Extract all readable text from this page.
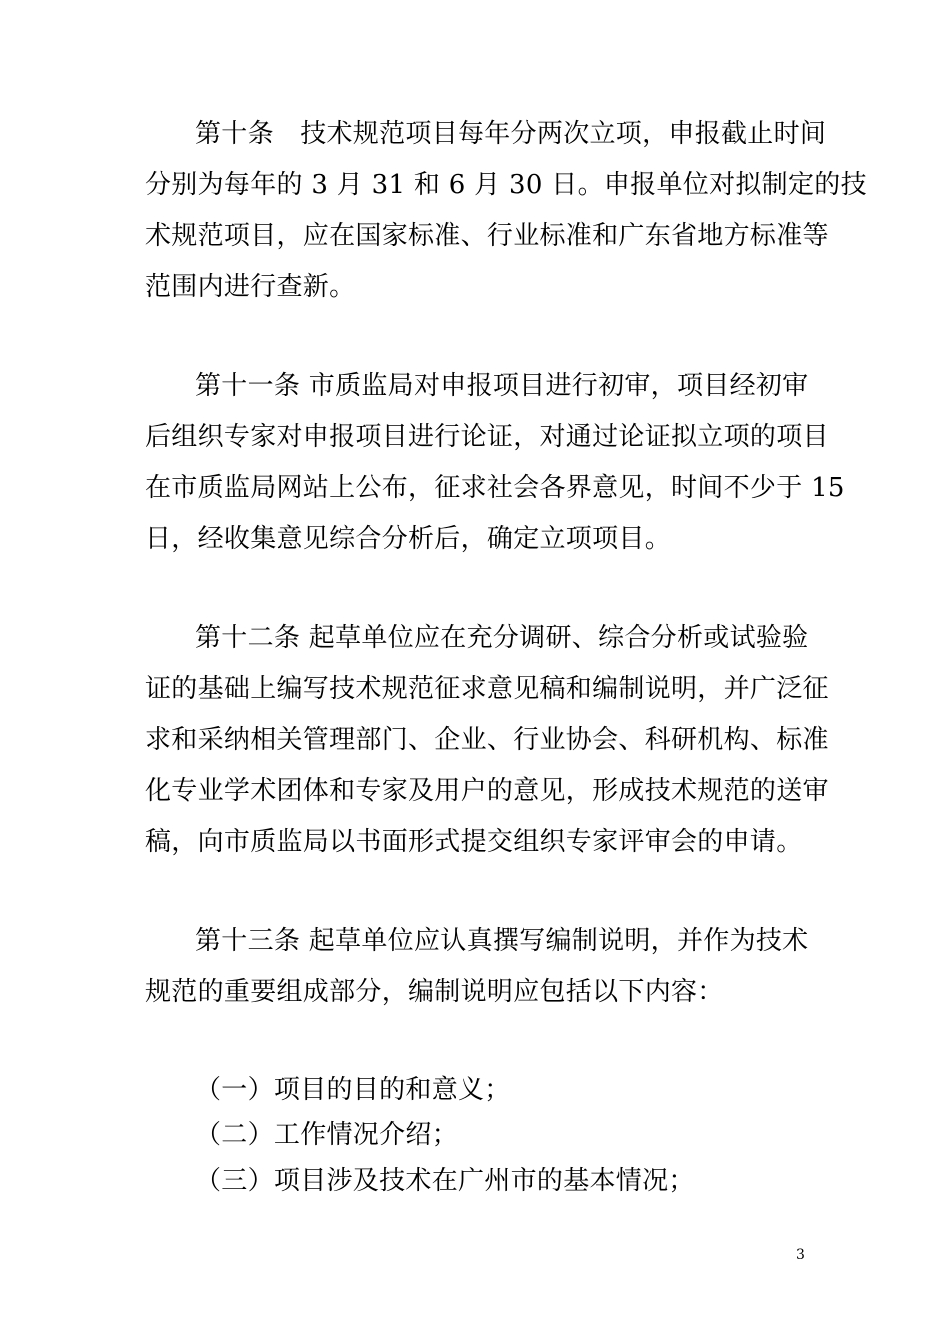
第十条　技术规范项目每年分两次立项，申报截止时间
分别为每年的 3 月 31 和 6 月 30 日。申报单位对拟制定的技
术规范项目，应在国家标准、行业标准和广东省地方标准等
范围内进行查新。
第十一条 市质监局对申报项目进行初审，项目经初审
后组织专家对申报项目进行论证，对通过论证拟立项的项目
在市质监局网站上公布，征求社会各界意见，时间不少于 15
日，经收集意见综合分析后，确定立项项目。
第十二条 起草单位应在充分调研、综合分析或试验验
证的基础上编写技术规范征求意见稿和编制说明，并广泛征
求和采纳相关管理部门、企业、行业协会、科研机构、标准
化专业学术团体和专家及用户的意见，形成技术规范的送审
稿，向市质监局以书面形式提交组织专家评审会的申请。
第十三条 起草单位应认真撰写编制说明，并作为技术
规范的重要组成部分，编制说明应包括以下内容：
（一）项目的目的和意义；
（二）工作情况介绍；
（三）项目涉及技术在广州市的基本情况；
3
